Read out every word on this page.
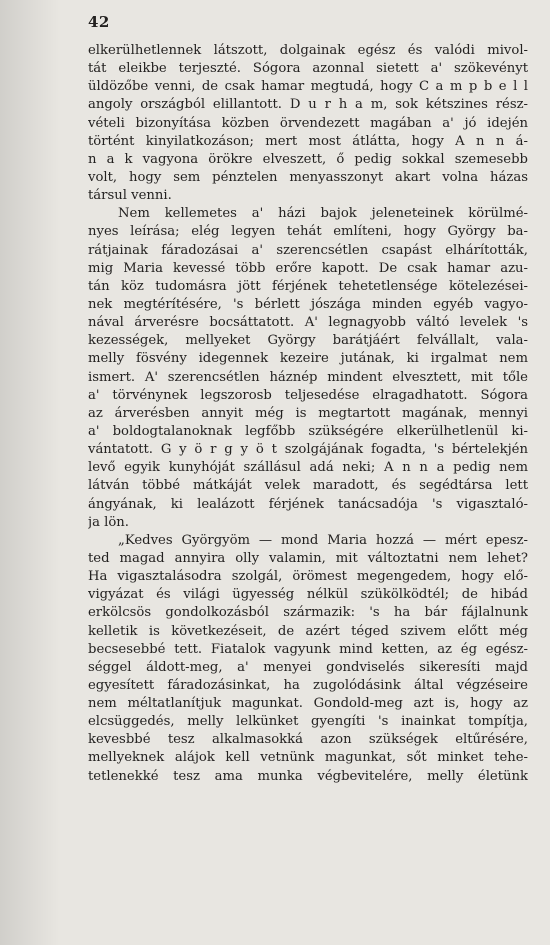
42
elkerülhetlennek látszott, dolgainak egész és valódi mivol-
tát eleikbe terjeszté. Sógora azonnal sietett a' szökevényt
üldözőbe venni, de csak hamar megtudá, hogy C a m p b e l l
angoly országból elillantott. D u r h a m, sok kétszines rész-
vételi bizonyítása közben örvendezett magában a' jó idején
történt kinyilatkozáson; mert most átlátta, hogy A n n á-
n a k vagyona örökre elveszett, ő pedig sokkal szemesebb
volt, hogy sem pénztelen menyasszonyt akart volna házas
társul venni.
Nem kellemetes a' házi bajok jeleneteinek körülmé-
nyes leírása; elég legyen tehát említeni, hogy György ba-
rátjainak fáradozásai a' szerencsétlen csapást elhárították,
mig Maria kevessé több erőre kapott. De csak hamar azu-
tán köz tudomásra jött férjének tehetetlensége kötelezései-
nek megtérítésére, 's bérlett jószága minden egyéb vagyo-
nával árverésre bocsáttatott. A' legnagyobb váltó levelek 's
kezességek, mellyeket György barátjáért felvállalt, vala-
melly fösvény idegennek kezeire jutának, ki irgalmat nem
ismert. A' szerencsétlen háznép mindent elvesztett, mit tőle
a' törvénynek legszorosb teljesedése elragadhatott. Sógora
az árverésben annyit még is megtartott magának, mennyi
a' boldogtalanoknak legfőbb szükségére elkerülhetlenül ki-
vántatott. G y ö r g y ö t szolgájának fogadta, 's bértelekjén
levő egyik kunyhóját szállásul adá neki; A n n a pedig nem
látván többé mátkáját velek maradott, és segédtársa lett
ángyának, ki lealázott férjének tanácsadója 's vigasztaló-
ja lön.
„Kedves Györgyöm — mond Maria hozzá — mért epesz-
ted magad annyira olly valamin, mit változtatni nem lehet?
Ha vigasztalásodra szolgál, örömest megengedem, hogy elő-
vigyázat és világi ügyesség nélkül szükölködtél; de hibád
erkölcsös gondolkozásból származik: 's ha bár fájlalnunk
kelletik is következéseit, de azért téged szivem előtt még
becsesebbé tett. Fiatalok vagyunk mind ketten, az ég egész-
séggel áldott-meg, a' menyei gondviselés sikeresíti majd
egyesített fáradozásinkat, ha zugolódásink által végzéseire
nem méltatlanítjuk magunkat. Gondold-meg azt is, hogy az
elcsüggedés, melly lelkünket gyengíti 's inainkat tompítja,
kevesbbé tesz alkalmasokká azon szükségek eltűrésére,
mellyeknek alájok kell vetnünk magunkat, sőt minket tehe-
tetlenekké tesz ama munka végbevitelére, melly életünk
